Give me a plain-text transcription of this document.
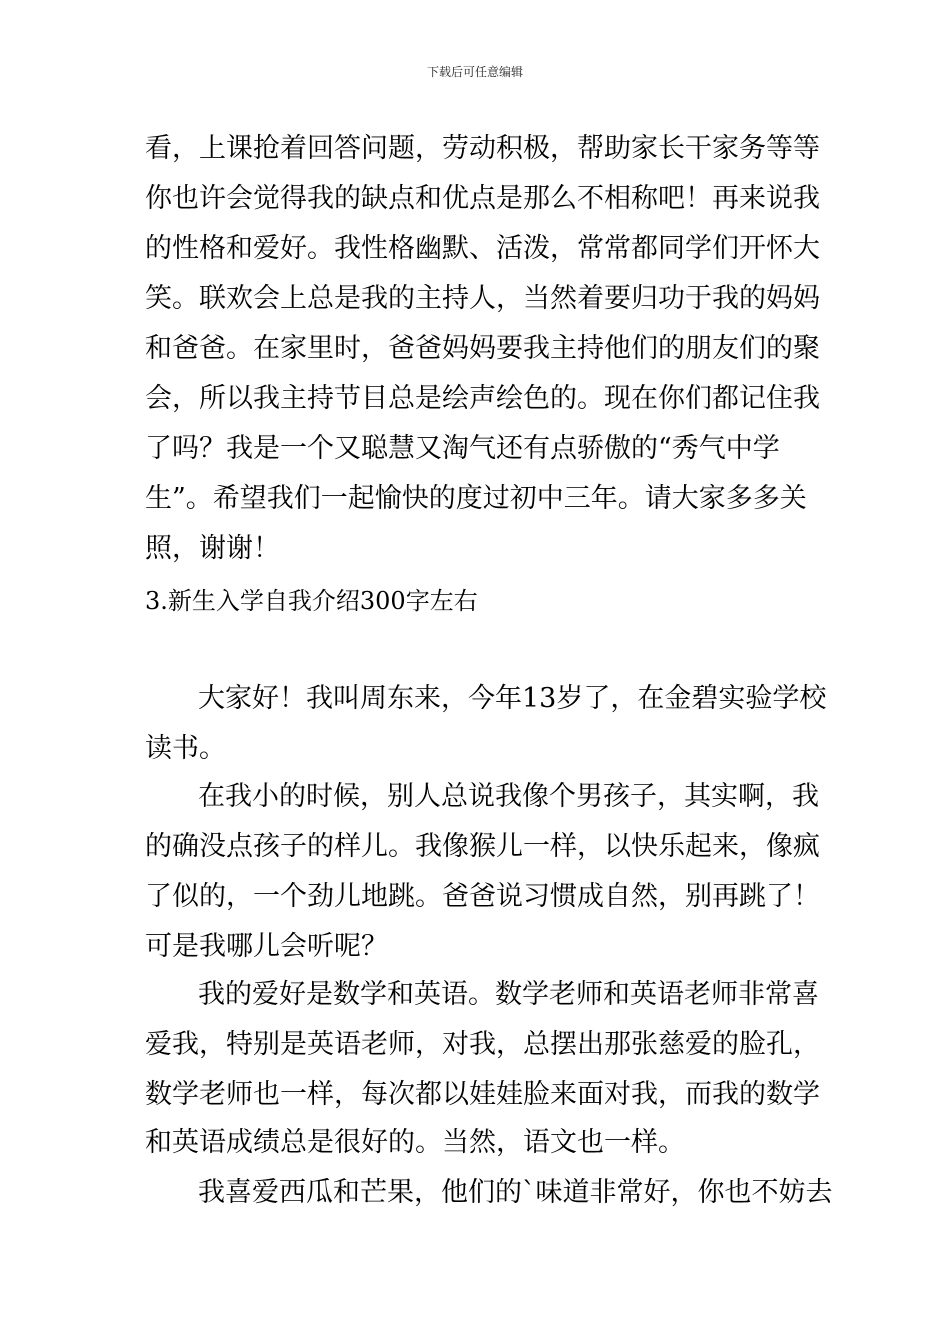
下载后可任意编辑
看，上课抢着回答问题，劳动积极，帮助家长干家务等等
你也许会觉得我的缺点和优点是那么不相称吧！再来说我
的性格和爱好。我性格幽默、活泼，常常都同学们开怀大
笑。联欢会上总是我的主持人，当然着要归功于我的妈妈
和爸爸。在家里时，爸爸妈妈要我主持他们的朋友们的聚
会，所以我主持节目总是绘声绘色的。现在你们都记住我
了吗？我是一个又聪慧又淘气还有点骄傲的“秀气中学
生”。希望我们一起愉快的度过初中三年。请大家多多关
照，谢谢！
3.新生入学自我介绍300字左右
大家好！我叫周东来，今年13岁了，在金碧实验学校
读书。
在我小的时候，别人总说我像个男孩子，其实啊，我
的确没点孩子的样儿。我像猴儿一样，以快乐起来，像疯
了似的，一个劲儿地跳。爸爸说习惯成自然，别再跳了！
可是我哪儿会听呢？
我的爱好是数学和英语。数学老师和英语老师非常喜
爱我，特别是英语老师，对我，总摆出那张慈爱的脸孔，
数学老师也一样，每次都以娃娃脸来面对我，而我的数学
和英语成绩总是很好的。当然，语文也一样。
我喜爱西瓜和芒果，他们的`味道非常好，你也不妨去
